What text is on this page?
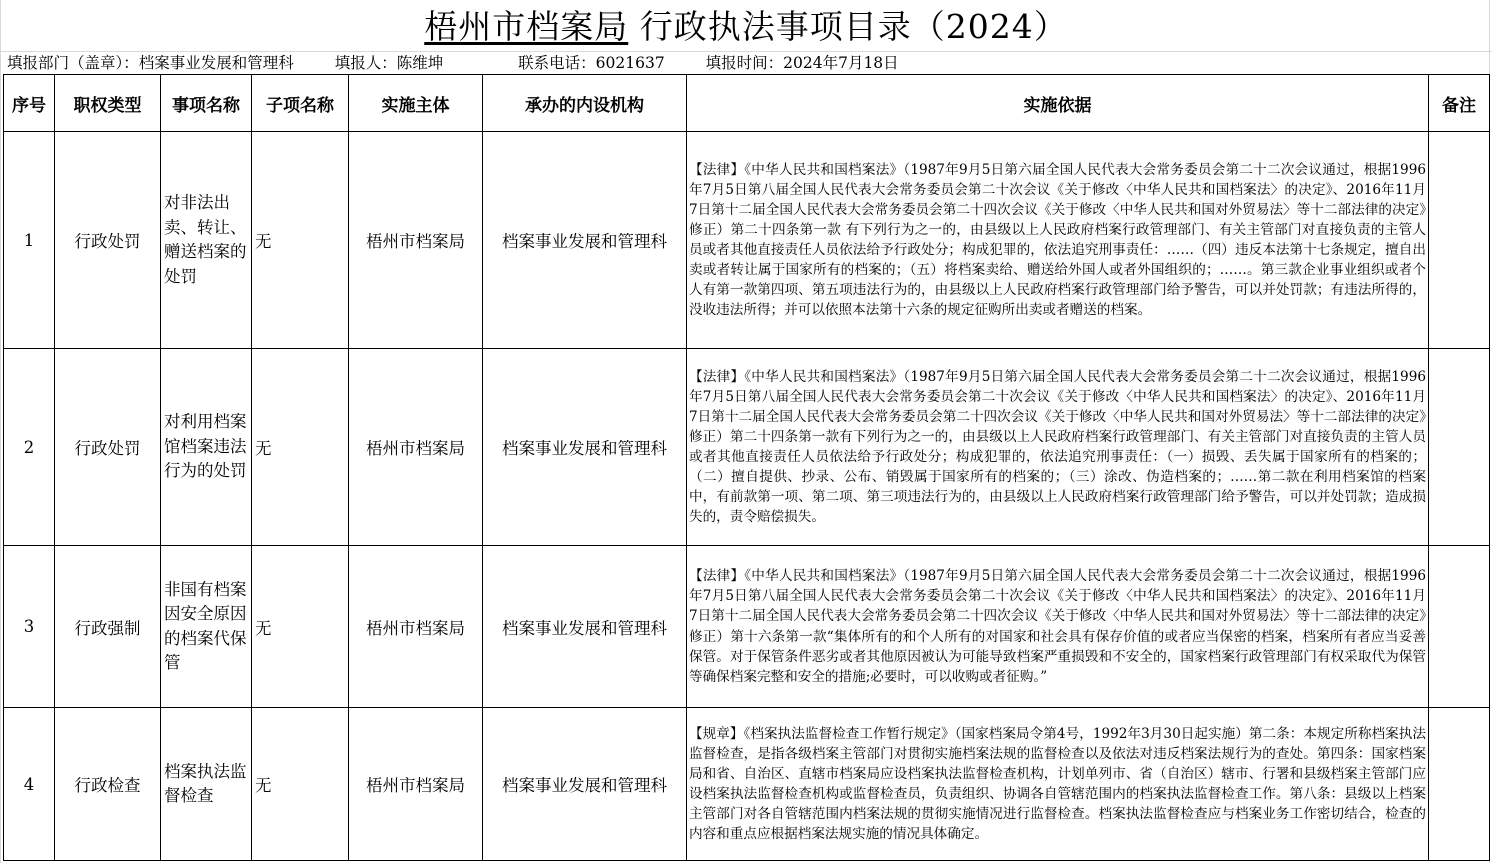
梧州市档案局 行政执法事项目录（2024）
填报部门（盖章）：档案事业发展和管理科	填报人：陈维坤	联系电话：6021637	填报时间：2024年7月18日
序号	职权类型	事项名称	子项名称	实施主体	承办的内设机构	实施依据	备注
1	行政处罚	对非法出卖、转让、赠送档案的处罚	无	梧州市档案局	档案事业发展和管理科	【法律】《中华人民共和国档案法》（1987年9月5日第六届全国人民代表大会常务委员会第二十二次会议通过，根据1996年7月5日第八届全国人民代表大会常务委员会第二十次会议《关于修改〈中华人民共和国档案法〉的决定》、2016年11月7日第十二届全国人民代表大会常务委员会第二十四次会议《关于修改〈中华人民共和国对外贸易法〉等十二部法律的决定》修正）第二十四条第一款 有下列行为之一的，由县级以上人民政府档案行政管理部门、有关主管部门对直接负责的主管人员或者其他直接责任人员依法给予行政处分；构成犯罪的，依法追究刑事责任：……（四）违反本法第十七条规定，擅自出卖或者转让属于国家所有的档案的；（五）将档案卖给、赠送给外国人或者外国组织的；……。第三款企业事业组织或者个人有第一款第四项、第五项违法行为的，由县级以上人民政府档案行政管理部门给予警告，可以并处罚款；有违法所得的，没收违法所得；并可以依照本法第十六条的规定征购所出卖或者赠送的档案。	
2	行政处罚	对利用档案馆档案违法行为的处罚	无	梧州市档案局	档案事业发展和管理科	【法律】《中华人民共和国档案法》（1987年9月5日第六届全国人民代表大会常务委员会第二十二次会议通过，根据1996年7月5日第八届全国人民代表大会常务委员会第二十次会议《关于修改〈中华人民共和国档案法〉的决定》、2016年11月7日第十二届全国人民代表大会常务委员会第二十四次会议《关于修改〈中华人民共和国对外贸易法〉等十二部法律的决定》修正）第二十四条第一款有下列行为之一的，由县级以上人民政府档案行政管理部门、有关主管部门对直接负责的主管人员或者其他直接责任人员依法给予行政处分；构成犯罪的，依法追究刑事责任：（一）损毁、丢失属于国家所有的档案的；（二）擅自提供、抄录、公布、销毁属于国家所有的档案的；（三）涂改、伪造档案的；……第二款在利用档案馆的档案中，有前款第一项、第二项、第三项违法行为的，由县级以上人民政府档案行政管理部门给予警告，可以并处罚款；造成损失的，责令赔偿损失。	
3	行政强制	非国有档案因安全原因的档案代保管	无	梧州市档案局	档案事业发展和管理科	【法律】《中华人民共和国档案法》（1987年9月5日第六届全国人民代表大会常务委员会第二十二次会议通过，根据1996年7月5日第八届全国人民代表大会常务委员会第二十次会议《关于修改〈中华人民共和国档案法〉的决定》、2016年11月7日第十二届全国人民代表大会常务委员会第二十四次会议《关于修改〈中华人民共和国对外贸易法〉等十二部法律的决定》修正）第十六条第一款“集体所有的和个人所有的对国家和社会具有保存价值的或者应当保密的档案，档案所有者应当妥善保管。对于保管条件恶劣或者其他原因被认为可能导致档案严重损毁和不安全的，国家档案行政管理部门有权采取代为保管等确保档案完整和安全的措施;必要时，可以收购或者征购。”	
4	行政检查	档案执法监督检查	无	梧州市档案局	档案事业发展和管理科	【规章】《档案执法监督检查工作暂行规定》（国家档案局令第4号，1992年3月30日起实施）第二条：本规定所称档案执法监督检查，是指各级档案主管部门对贯彻实施档案法规的监督检查以及依法对违反档案法规行为的查处。第四条：国家档案局和省、自治区、直辖市档案局应设档案执法监督检查机构，计划单列市、省（自治区）辖市、行署和县级档案主管部门应设档案执法监督检查机构或监督检查员，负责组织、协调各自管辖范围内的档案执法监督检查工作。第八条：县级以上档案主管部门对各自管辖范围内档案法规的贯彻实施情况进行监督检查。档案执法监督检查应与档案业务工作密切结合，检查的内容和重点应根据档案法规实施的情况具体确定。	
